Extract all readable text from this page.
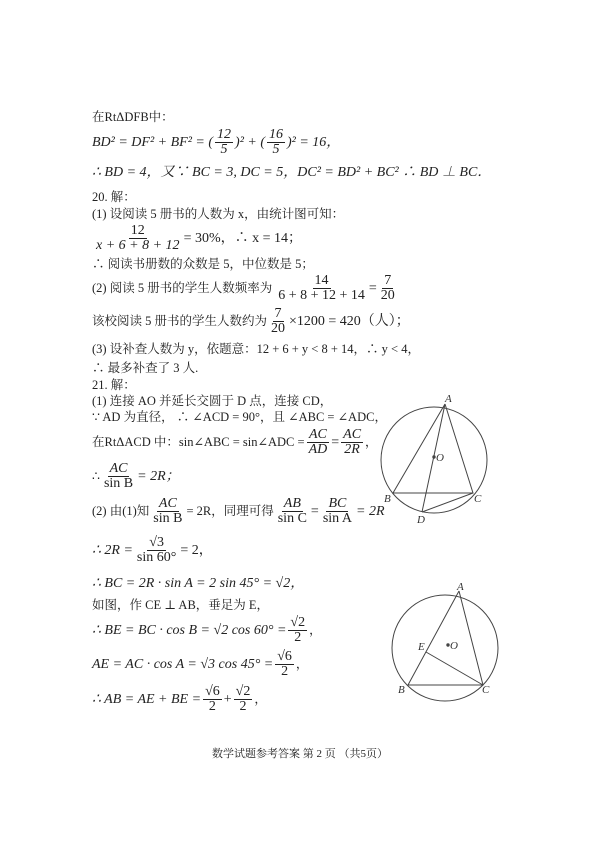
在RtΔDFB中：
BD² = DF² + BF² = ( $\frac{12}{5} )^2$ + ( $\frac{16}{5} )^2 = 16$，
∴ BD = 4，又∵ BC = 3, DC = 5，DC² = BD² + BC² ∴ BD ⊥ BC．
20. 解：
(1) 设阅读 5 册书的人数为 x，由统计图可知：
$\frac{12}{x + 6 + 8 + 12} = 30\%$，∴ x = 14；
∴ 阅读书册数的众数是 5，中位数是 5；
(2) 阅读 5 册书的学生人数频率为 $\frac{14}{6 + 8 + 12 + 14} = \frac{7}{20}$
该校阅读 5 册书的学生人数约为 $\frac{7}{20} \times 1200 = 420$（人）；
(3) 设补查人数为 y，依题意：12 + 6 + y < 8 + 14，∴ y < 4，
∴ 最多补查了 3 人.
21. 解：
(1) 连接 AO 并延长交圆于 D 点，连接 CD，
∵ AD 为直径， ∴ ∠ACD = 90°，且 ∠ABC = ∠ADC，
在RtΔACD 中：sin∠ABC = sin∠ADC = $\frac{AC}{AD} = \frac{AC}{2R}$ ，
∴ $\frac{AC}{\text{sin B}} = 2R$；
(2) 由(1)知 $\frac{AC}{\text{sin B}} = 2R$，同理可得 $\frac{AB}{\text{sin C}} = \frac{BC}{\text{sin A}} = 2R$
∴ $2R = \frac{√3}{\sin 60^\circ} = 2$，
∴ BC = 2R · sin A = 2 sin 45° = √2，
如图，作 CE ⊥ AB，垂足为 E，
∴ BE = BC · cos B = √2 $\cos 60^\circ = \frac{√2}{2}$ ，
AE = AC · cos A = √3 $\cos 45^\circ = \frac{√6}{2}$ ，
∴ AB = AE + BE = $\frac{√6}{2} + \frac{√2}{2}$ ，
A
B	C
D
O
A
B	C
E O
数学试题参考答案 第 2 页 （共5页）
